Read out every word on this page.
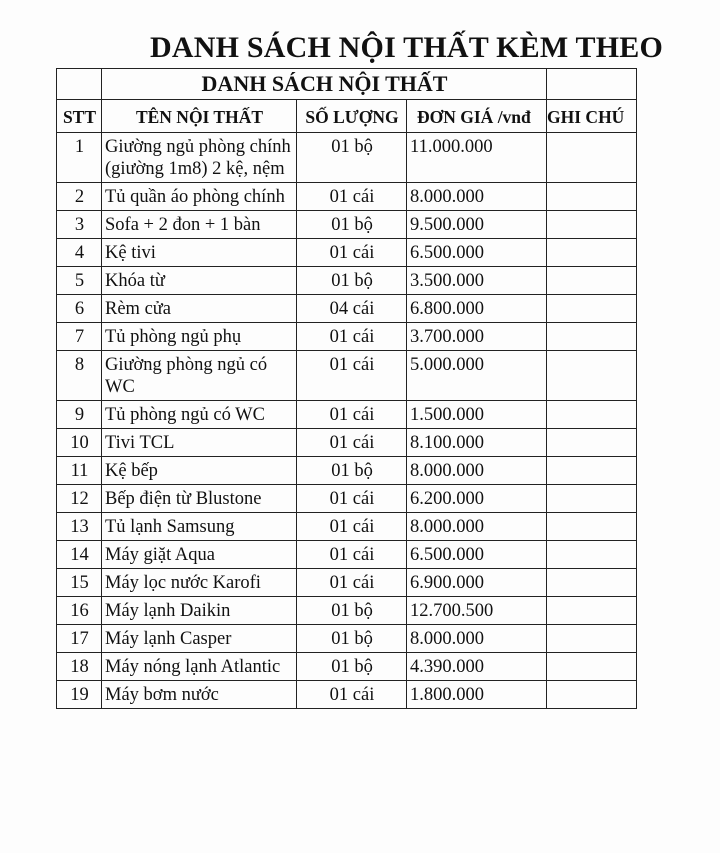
DANH SÁCH NỘI THẤT KÈM THEO
	DANH SÁCH NỘI THẤT			
STT	TÊN NỘI THẤT	SỐ LƯỢNG	ĐƠN GIÁ /vnđ	GHI CHÚ
1	Giường ngủ phòng chính (giường 1m8) 2 kệ, nệm	01 bộ	11.000.000	
2	Tủ quần áo phòng chính	01 cái	8.000.000	
3	Sofa + 2 đon + 1 bàn	01 bộ	9.500.000	
4	Kệ tivi	01 cái	6.500.000	
5	Khóa từ	01 bộ	3.500.000	
6	Rèm cửa	04 cái	6.800.000	
7	Tủ phòng ngủ phụ	01 cái	3.700.000	
8	Giường phòng ngủ có WC	01 cái	5.000.000	
9	Tủ phòng ngủ có WC	01 cái	1.500.000	
10	Tivi TCL	01 cái	8.100.000	
11	Kệ bếp	01 bộ	8.000.000	
12	Bếp điện từ Blustone	01 cái	6.200.000	
13	Tủ lạnh Samsung	01 cái	8.000.000	
14	Máy giặt Aqua	01 cái	6.500.000	
15	Máy lọc nước Karofi	01 cái	6.900.000	
16	Máy lạnh Daikin	01 bộ	12.700.500	
17	Máy lạnh Casper	01 bộ	8.000.000	
18	Máy nóng lạnh Atlantic	01 bộ	4.390.000	
19	Máy bơm nước	01 cái	1.800.000	
